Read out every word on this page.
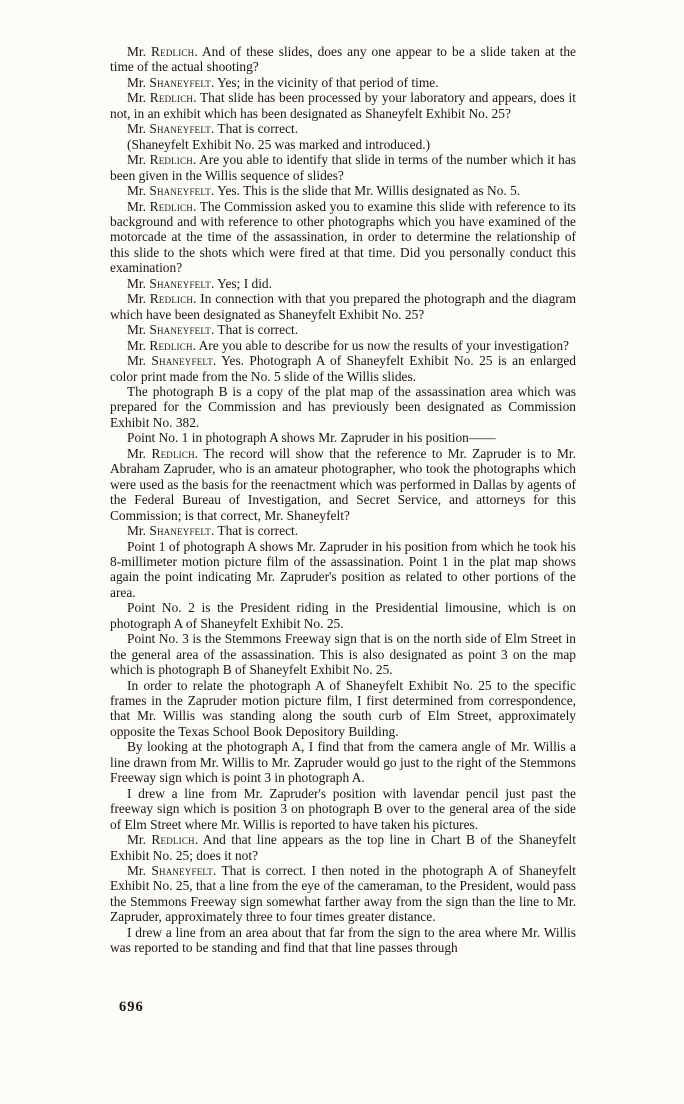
Mr. Redlich. And of these slides, does any one appear to be a slide taken at the time of the actual shooting?

Mr. Shaneyfelt. Yes; in the vicinity of that period of time.

Mr. Redlich. That slide has been processed by your laboratory and appears, does it not, in an exhibit which has been designated as Shaneyfelt Exhibit No. 25?

Mr. Shaneyfelt. That is correct.

(Shaneyfelt Exhibit No. 25 was marked and introduced.)

Mr. Redlich. Are you able to identify that slide in terms of the number which it has been given in the Willis sequence of slides?

Mr. Shaneyfelt. Yes. This is the slide that Mr. Willis designated as No. 5.

Mr. Redlich. The Commission asked you to examine this slide with reference to its background and with reference to other photographs which you have examined of the motorcade at the time of the assassination, in order to determine the relationship of this slide to the shots which were fired at that time. Did you personally conduct this examination?

Mr. Shaneyfelt. Yes; I did.

Mr. Redlich. In connection with that you prepared the photograph and the diagram which have been designated as Shaneyfelt Exhibit No. 25?

Mr. Shaneyfelt. That is correct.

Mr. Redlich. Are you able to describe for us now the results of your investigation?

Mr. Shaneyfelt. Yes. Photograph A of Shaneyfelt Exhibit No. 25 is an enlarged color print made from the No. 5 slide of the Willis slides.

The photograph B is a copy of the plat map of the assassination area which was prepared for the Commission and has previously been designated as Commission Exhibit No. 382.

Point No. 1 in photograph A shows Mr. Zapruder in his position——

Mr. Redlich. The record will show that the reference to Mr. Zapruder is to Mr. Abraham Zapruder, who is an amateur photographer, who took the photographs which were used as the basis for the reenactment which was performed in Dallas by agents of the Federal Bureau of Investigation, and Secret Service, and attorneys for this Commission; is that correct, Mr. Shaneyfelt?

Mr. Shaneyfelt. That is correct.

Point 1 of photograph A shows Mr. Zapruder in his position from which he took his 8-millimeter motion picture film of the assassination. Point 1 in the plat map shows again the point indicating Mr. Zapruder's position as related to other portions of the area.

Point No. 2 is the President riding in the Presidential limousine, which is on photograph A of Shaneyfelt Exhibit No. 25.

Point No. 3 is the Stemmons Freeway sign that is on the north side of Elm Street in the general area of the assassination. This is also designated as point 3 on the map which is photograph B of Shaneyfelt Exhibit No. 25.

In order to relate the photograph A of Shaneyfelt Exhibit No. 25 to the specific frames in the Zapruder motion picture film, I first determined from correspondence, that Mr. Willis was standing along the south curb of Elm Street, approximately opposite the Texas School Book Depository Building.

By looking at the photograph A, I find that from the camera angle of Mr. Willis a line drawn from Mr. Willis to Mr. Zapruder would go just to the right of the Stemmons Freeway sign which is point 3 in photograph A.

I drew a line from Mr. Zapruder's position with lavendar pencil just past the freeway sign which is position 3 on photograph B over to the general area of the side of Elm Street where Mr. Willis is reported to have taken his pictures.

Mr. Redlich. And that line appears as the top line in Chart B of the Shaneyfelt Exhibit No. 25; does it not?

Mr. Shaneyfelt. That is correct. I then noted in the photograph A of Shaneyfelt Exhibit No. 25, that a line from the eye of the cameraman, to the President, would pass the Stemmons Freeway sign somewhat farther away from the sign than the line to Mr. Zapruder, approximately three to four times greater distance.

I drew a line from an area about that far from the sign to the area where Mr. Willis was reported to be standing and find that that line passes through

696
